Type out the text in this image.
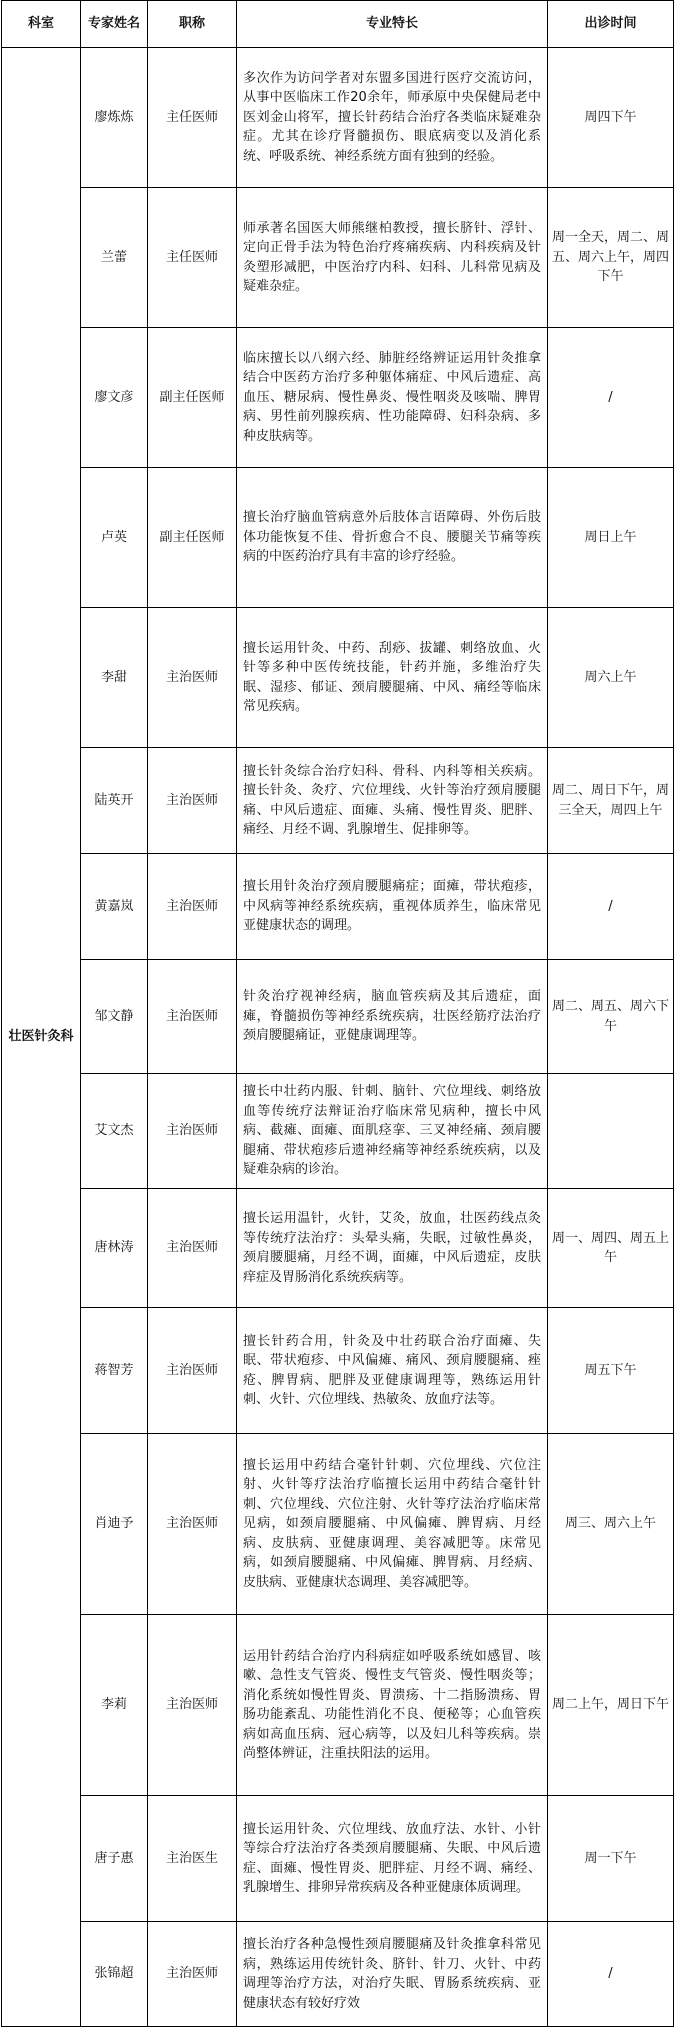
科室	专家姓名	职称	专业特长	出诊时间
壮医针灸科	廖炼炼	主任医师	多次作为访问学者对东盟多国进行医疗交流访问，从事中医临床工作20余年，师承原中央保健局老中医刘金山将军，擅长针药结合治疗各类临床疑难杂症。尤其在诊疗肾髓损伤、眼底病变以及消化系统、呼吸系统、神经系统方面有独到的经验。	周四下午
	兰蕾	主任医师	师承著名国医大师熊继柏教授，擅长脐针、浮针、定向正骨手法为特色治疗疼痛疾病、内科疾病及针灸塑形减肥，中医治疗内科、妇科、儿科常见病及疑难杂症。	周一全天，周二、周五、周六上午，周四下午
	廖文彦	副主任医师	临床擅长以八纲六经、肺脏经络辨证运用针灸推拿结合中医药方治疗多种躯体痛症、中风后遗症、高血压、糖尿病、慢性鼻炎、慢性咽炎及咳喘、脾胃病、男性前列腺疾病、性功能障碍、妇科杂病、多种皮肤病等。	/
	卢英	副主任医师	擅长治疗脑血管病意外后肢体言语障碍、外伤后肢体功能恢复不佳、骨折愈合不良、腰腿关节痛等疾病的中医药治疗具有丰富的诊疗经验。	周日上午
	李甜	主治医师	擅长运用针灸、中药、刮痧、拔罐、刺络放血、火针等多种中医传统技能，针药并施，多维治疗失眠、湿疹、郁证、颈肩腰腿痛、中风、痛经等临床常见疾病。	周六上午
	陆英开	主治医师	擅长针灸综合治疗妇科、骨科、内科等相关疾病。擅长针灸、灸疗、穴位埋线、火针等治疗颈肩腰腿痛、中风后遗症、面瘫、头痛、慢性胃炎、肥胖、痛经、月经不调、乳腺增生、促排卵等。	周二、周日下午，周三全天，周四上午
	黄嘉岚	主治医师	擅长用针灸治疗颈肩腰腿痛症；面瘫，带状疱疹，中风病等神经系统疾病，重视体质养生，临床常见亚健康状态的调理。	/
	邹文静	主治医师	针灸治疗视神经病，脑血管疾病及其后遗症，面瘫，脊髓损伤等神经系统疾病，壮医经筋疗法治疗颈肩腰腿痛证，亚健康调理等。	周二、周五、周六下午
	艾文杰	主治医师	擅长中壮药内服、针刺、脑针、穴位埋线、刺络放血等传统疗法辩证治疗临床常见病种，擅长中风病、截瘫、面瘫、面肌痉挛、三叉神经痛、颈肩腰腿痛、带状疱疹后遗神经痛等神经系统疾病，以及疑难杂病的诊治。	
	唐林涛	主治医师	擅长运用温针，火针，艾灸，放血，壮医药线点灸等传统疗法治疗：头晕头痛，失眠，过敏性鼻炎，颈肩腰腿痛，月经不调，面瘫，中风后遗症，皮肤痒症及胃肠消化系统疾病等。	周一、周四、周五上午
	蒋智芳	主治医师	擅长针药合用，针灸及中壮药联合治疗面瘫、失眠、带状疱疹、中风偏瘫、痛风、颈肩腰腿痛、痤疮、脾胃病、肥胖及亚健康调理等，熟练运用针刺、火针、穴位埋线、热敏灸、放血疗法等。	周五下午
	肖迪予	主治医师	擅长运用中药结合毫针针刺、穴位埋线、穴位注射、火针等疗法治疗临擅长运用中药结合毫针针刺、穴位埋线、穴位注射、火针等疗法治疗临床常见病，如颈肩腰腿痛、中风偏瘫、脾胃病、月经病、皮肤病、亚健康调理、美容减肥等。床常见病，如颈肩腰腿痛、中风偏瘫、脾胃病、月经病、皮肤病、亚健康状态调理、美容减肥等。	周三、周六上午
	李莉	主治医师	运用针药结合治疗内科病症如呼吸系统如感冒、咳嗽、急性支气管炎、慢性支气管炎、慢性咽炎等；消化系统如慢性胃炎、胃溃疡、十二指肠溃疡、胃肠功能紊乱、功能性消化不良、便秘等；心血管疾病如高血压病、冠心病等，以及妇儿科等疾病。崇尚整体辨证，注重扶阳法的运用。	周二上午，周日下午
	唐子惠	主治医生	擅长运用针灸、穴位埋线、放血疗法、水针、小针等综合疗法治疗各类颈肩腰腿痛、失眠、中风后遗症、面瘫、慢性胃炎、肥胖症、月经不调、痛经、乳腺增生、排卵异常疾病及各种亚健康体质调理。	周一下午
	张锦超	主治医师	擅长治疗各种急慢性颈肩腰腿痛及针灸推拿科常见病，熟练运用传统针灸、脐针、针刀、火针、中药调理等治疗方法，对治疗失眠、胃肠系统疾病、亚健康状态有较好疗效	/
